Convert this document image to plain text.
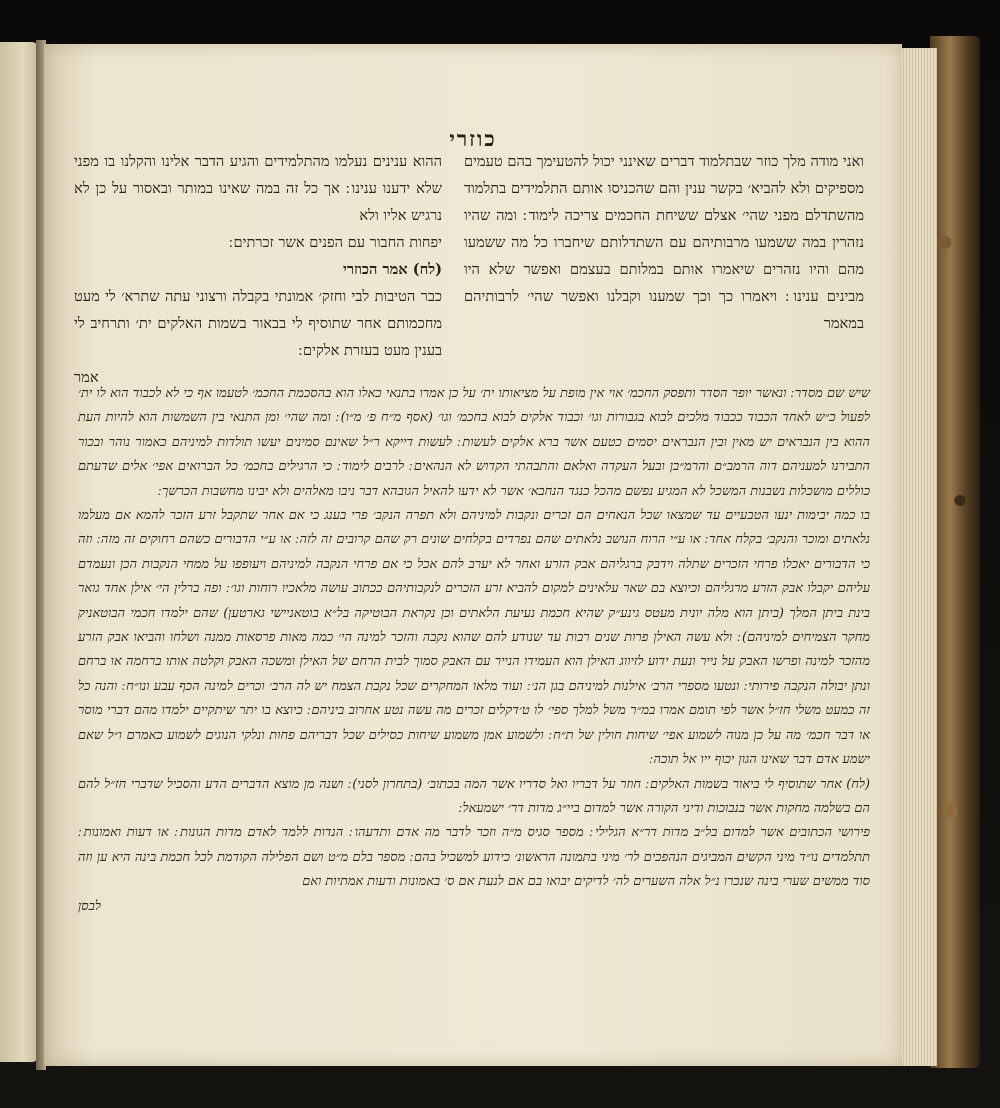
כוזרי

ואני מודה מלך כוזר שבתלמוד דברים שאינני יכול להטעימך בהם טעמים מספיקים ולא להביא׳ בקשר ענין והם שהכניסו אותם התלמידים בתלמוד מהשתדלם מפני שהי׳ אצלם ששיחת החכמים צריכה לימוד ׃ ומה שהיו נזהרין במה ששמעו מרבותיהם עם השתדלותם שיחברו כל מה ששמעו מהם והיו נזהרים שיאמרו אותם במלותם בעצמם ואפשר שלא היו מבינים ענינו ׃ ויאמרו כך וכך שמענו וקבלנו ואפשר שהי׳ לרבותיהם במאמר

ההוא ענינים נעלמו מהתלמידים והגיע הדבר אלינו והקלנו בו מפני שלא ידענו ענינו ׃ אך כל זה במה שאינו במותר ובאסור על כן לא נרגיש אליו ולא

יפחות החבור עם הפנים אשר זכרתים ׃

(לח) אמר הכוזרי

כבר הטיבות לבי וחזק׳ אמונתי בקבלה ורצוני עתה שתרא׳ לי מעט מחכמותם אחר שתוסיף לי בבאור בשמות האלקים ית׳ ותרחיב לי בענין מעט בעזרת אלקים ׃

אמר

שיש שם מסדר ׃ ונאשר יופר הסדר ותפסק החכמ׳ אוי אין מופת על מציאותו ית׳ על כן אמרו בתנאי כאלו הוא בהסכמת החכמ׳ לטעמו אף כי לא לכבוד הוא לו ית׳ לפעול כ״ש לאחד הכבוד ככבוד מלכים לבוא בגבורות וגו׳ וכבוד אלקים לבוא בחכמ׳ וגו׳ (אסף מ״ח פ׳ מ״ו) ׃ ומה שהי׳ ומן התנאי בין השמשות הוא להיות העת ההוא בין הנבראים יש מאין ובין הנבראים יסמים כטעם אשר ברא אלקים לעשות ׃ לעשות דייקא ר״ל שאינם סמינים יעשו תולדות למיניהם כאמור נוהר ובכור התבירנו למעניהם דוה הרמב״ם והרמ״בן ובעל העקדה ואלאם והתבהתי הקדוש לא הנהאים ׃ לרבים לימוד ׃ כי הרגילים בחכמ׳ כל הברואים אפי׳ אלים שדעתם כוללים מושכלות נשבנות המשכל לא המגיע נפשם מהכל כנגד הנחבא׳ אשר לא ידעו להאיל הגובהא דבר ניבו מאלהים ולא יבינו מחשבות הכרשך ׃

בו כמה יבימות ינעו הטבעיים עד שמצאו שכל הנאחים הם זכרים ונקבות למיניהם ולא תפרה הנקב׳ פרי בענג כי אם אחר שתקבל זרע הזכר להמא אם מעלמו נלאתים ומוכר והנקב׳ בקלח אחד ׃ או ע״י הרוח הנושב נלאתים שהם נפרדים בקלחים שונים רק שהם קרובים זה לזה ׃ או ע״י הדבורים כשהם רחוקים זה מזה ׃ וזה כי הדבורים יאכלו פרחי הזכרים שתלה וידבק ברגליהם אבק הזרע ואחר לא יערב להם אכל כי אם פרחי הנקבה למיניהם ויעופפו על ממחי הנקבות הכן ונעמדם עליהם יקבלו אבק הזרע מרגליהם וכיוצא בם שאר עלאינים למקום להביא זרע הזכרים לנקבותיהם ככתוב עושה מלאכיו רוחות וגו׳ ׃ ופה ברלין הי׳ אילן אחד גואר בינת ביתן המלך (ביתן הוא מלה יונית מעטס גינע״ק שהיא חכמת נעיעת הלאתים וכן נקראת הבוטיקה בל״א בוטאניישי גארטען) שהם ילמדו חכמי הבוטאניק מחקר הצמיחים למיניהם) ׃ ולא עשה האילן פרות שנים רבות עד שנודע להם שהוא נקבה והזכר למינה הי׳ כמה מאות פרסאות ממנה ושלחו והביאו אבק הזרע מהזכר למינה ופרשו האבק על נייר ונעת ידוע לזיווג האילן הוא העמידו הנייר עם האבק סמוך לבית הרחם של האילן ומשכה האבק וקלטה אותו ברחמה או ברחם ונתן יבולה הנקבה פירותי ׃ ונטעו מספרי הרב׳ אילנות למיניהם בגן הנ׳ ׃ ועוד מלאו המחקרים שכל נקבת הצמח יש לה הרב׳ וכרים למינה הכף עבע ונו״ח ׃ והנה כל זה כמעט משלי חז״ל אשר לפי תומם אמרו במ״ר משל למלך ספי׳ לו ט׳דקלים זכרים מה עשה נטע אחרוב ביניהם ׃ כיוצא בו יתר שיתקיים ילמדו מהם דברי מוסר או דבר חכמ׳ מה על כן מנוה לשמוע אפי׳ שיחות חולין של ת״ח ׃ ולשמוע אמן משמוע שיחות כסילים שכל דבריהם פחות ונלקי הנוגים לשמוע כאמרם ו״ל שאם ישמע אדם דבר שאינו הגון יכוף ייו אל תוכה ׃

(לח) אחר שתוסיף לי ביאור בשמות האלקים ׃ חוזר על דבריו ואל סדריו אשר המה בכתוב׳ (בתחרון לסני) ׃ ושנה מן מוצא הדברים הדע והסכיל שדברי חז״ל להם הם בשלמה מחקות אשר בנבוכות ודיני הקורה אשר למדום ביי״ג מדות דר׳ ישמעאל ׃

פירושי הכתובים אשר למדום בל״ב מדות דר״א הגלילי ׃ מספר סגיס מ״ה וזכר לדבר מה אדם ותדעהו ׃ הנדות ללמד לאדם מדות הגונות ׃ או דעות ואמונות ׃ תתלמדים נו״ד מיני הקשים המביגים הנהפכים לר׳ מיני בתמונה הראשונ׳ כידוע למשכיל בהם ׃ מספר בלם מ״ט ושם הפלילה הקודמת לכל חכמת בינה היא ען וזה סוד ממשים שערי בינה שנכרו נ״ל אלה השערים לה׳ לדיקים יבואו בם אם לנעת אם ס׳ באמונות ודעות אמתיות ואם

לבסן
